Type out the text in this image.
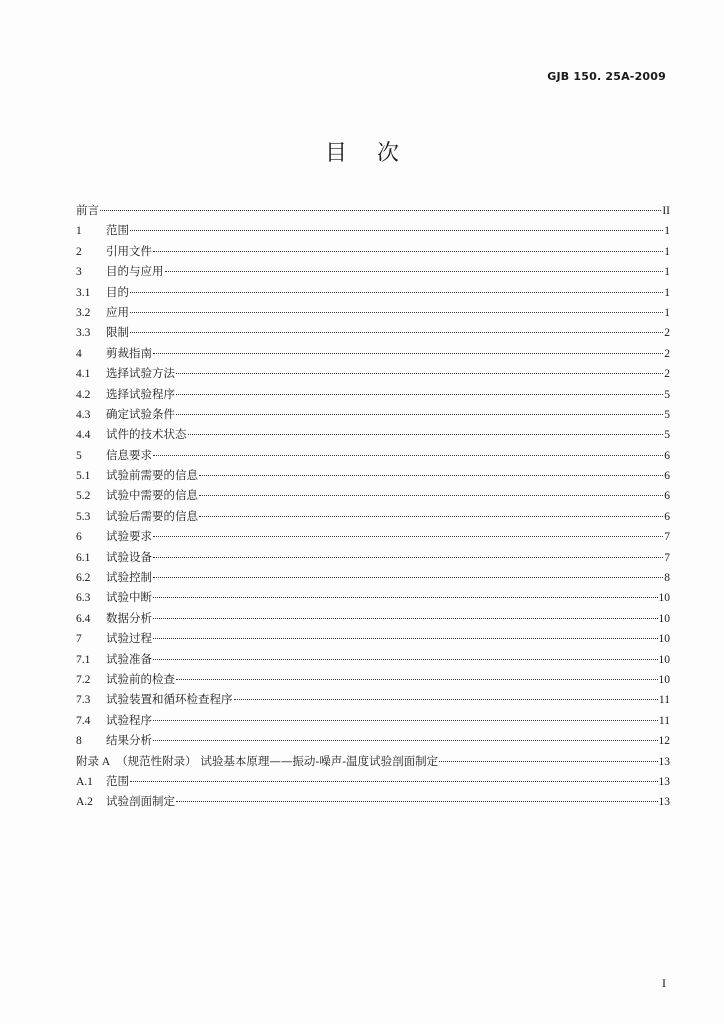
GJB 150. 25A-2009
目次
前言	II
1	范围	1
2	引用文件	1
3	目的与应用	1
3.1	目的	1
3.2	应用	1
3.3	限制	2
4	剪裁指南	2
4.1	选择试验方法	2
4.2	选择试验程序	5
4.3	确定试验条件	5
4.4	试件的技术状态	5
5	信息要求	6
5.1	试验前需要的信息	6
5.2	试验中需要的信息	6
5.3	试验后需要的信息	6
6	试验要求	7
6.1	试验设备	7
6.2	试验控制	8
6.3	试验中断	10
6.4	数据分析	10
7	试验过程	10
7.1	试验准备	10
7.2	试验前的检查	10
7.3	试验装置和循环检查程序	11
7.4	试验程序	11
8	结果分析	12
附录 A （规范性附录） 试验基本原理——振动-噪声-温度试验剖面制定	13
A.1	范围	13
A.2	试验剖面制定	13
I
